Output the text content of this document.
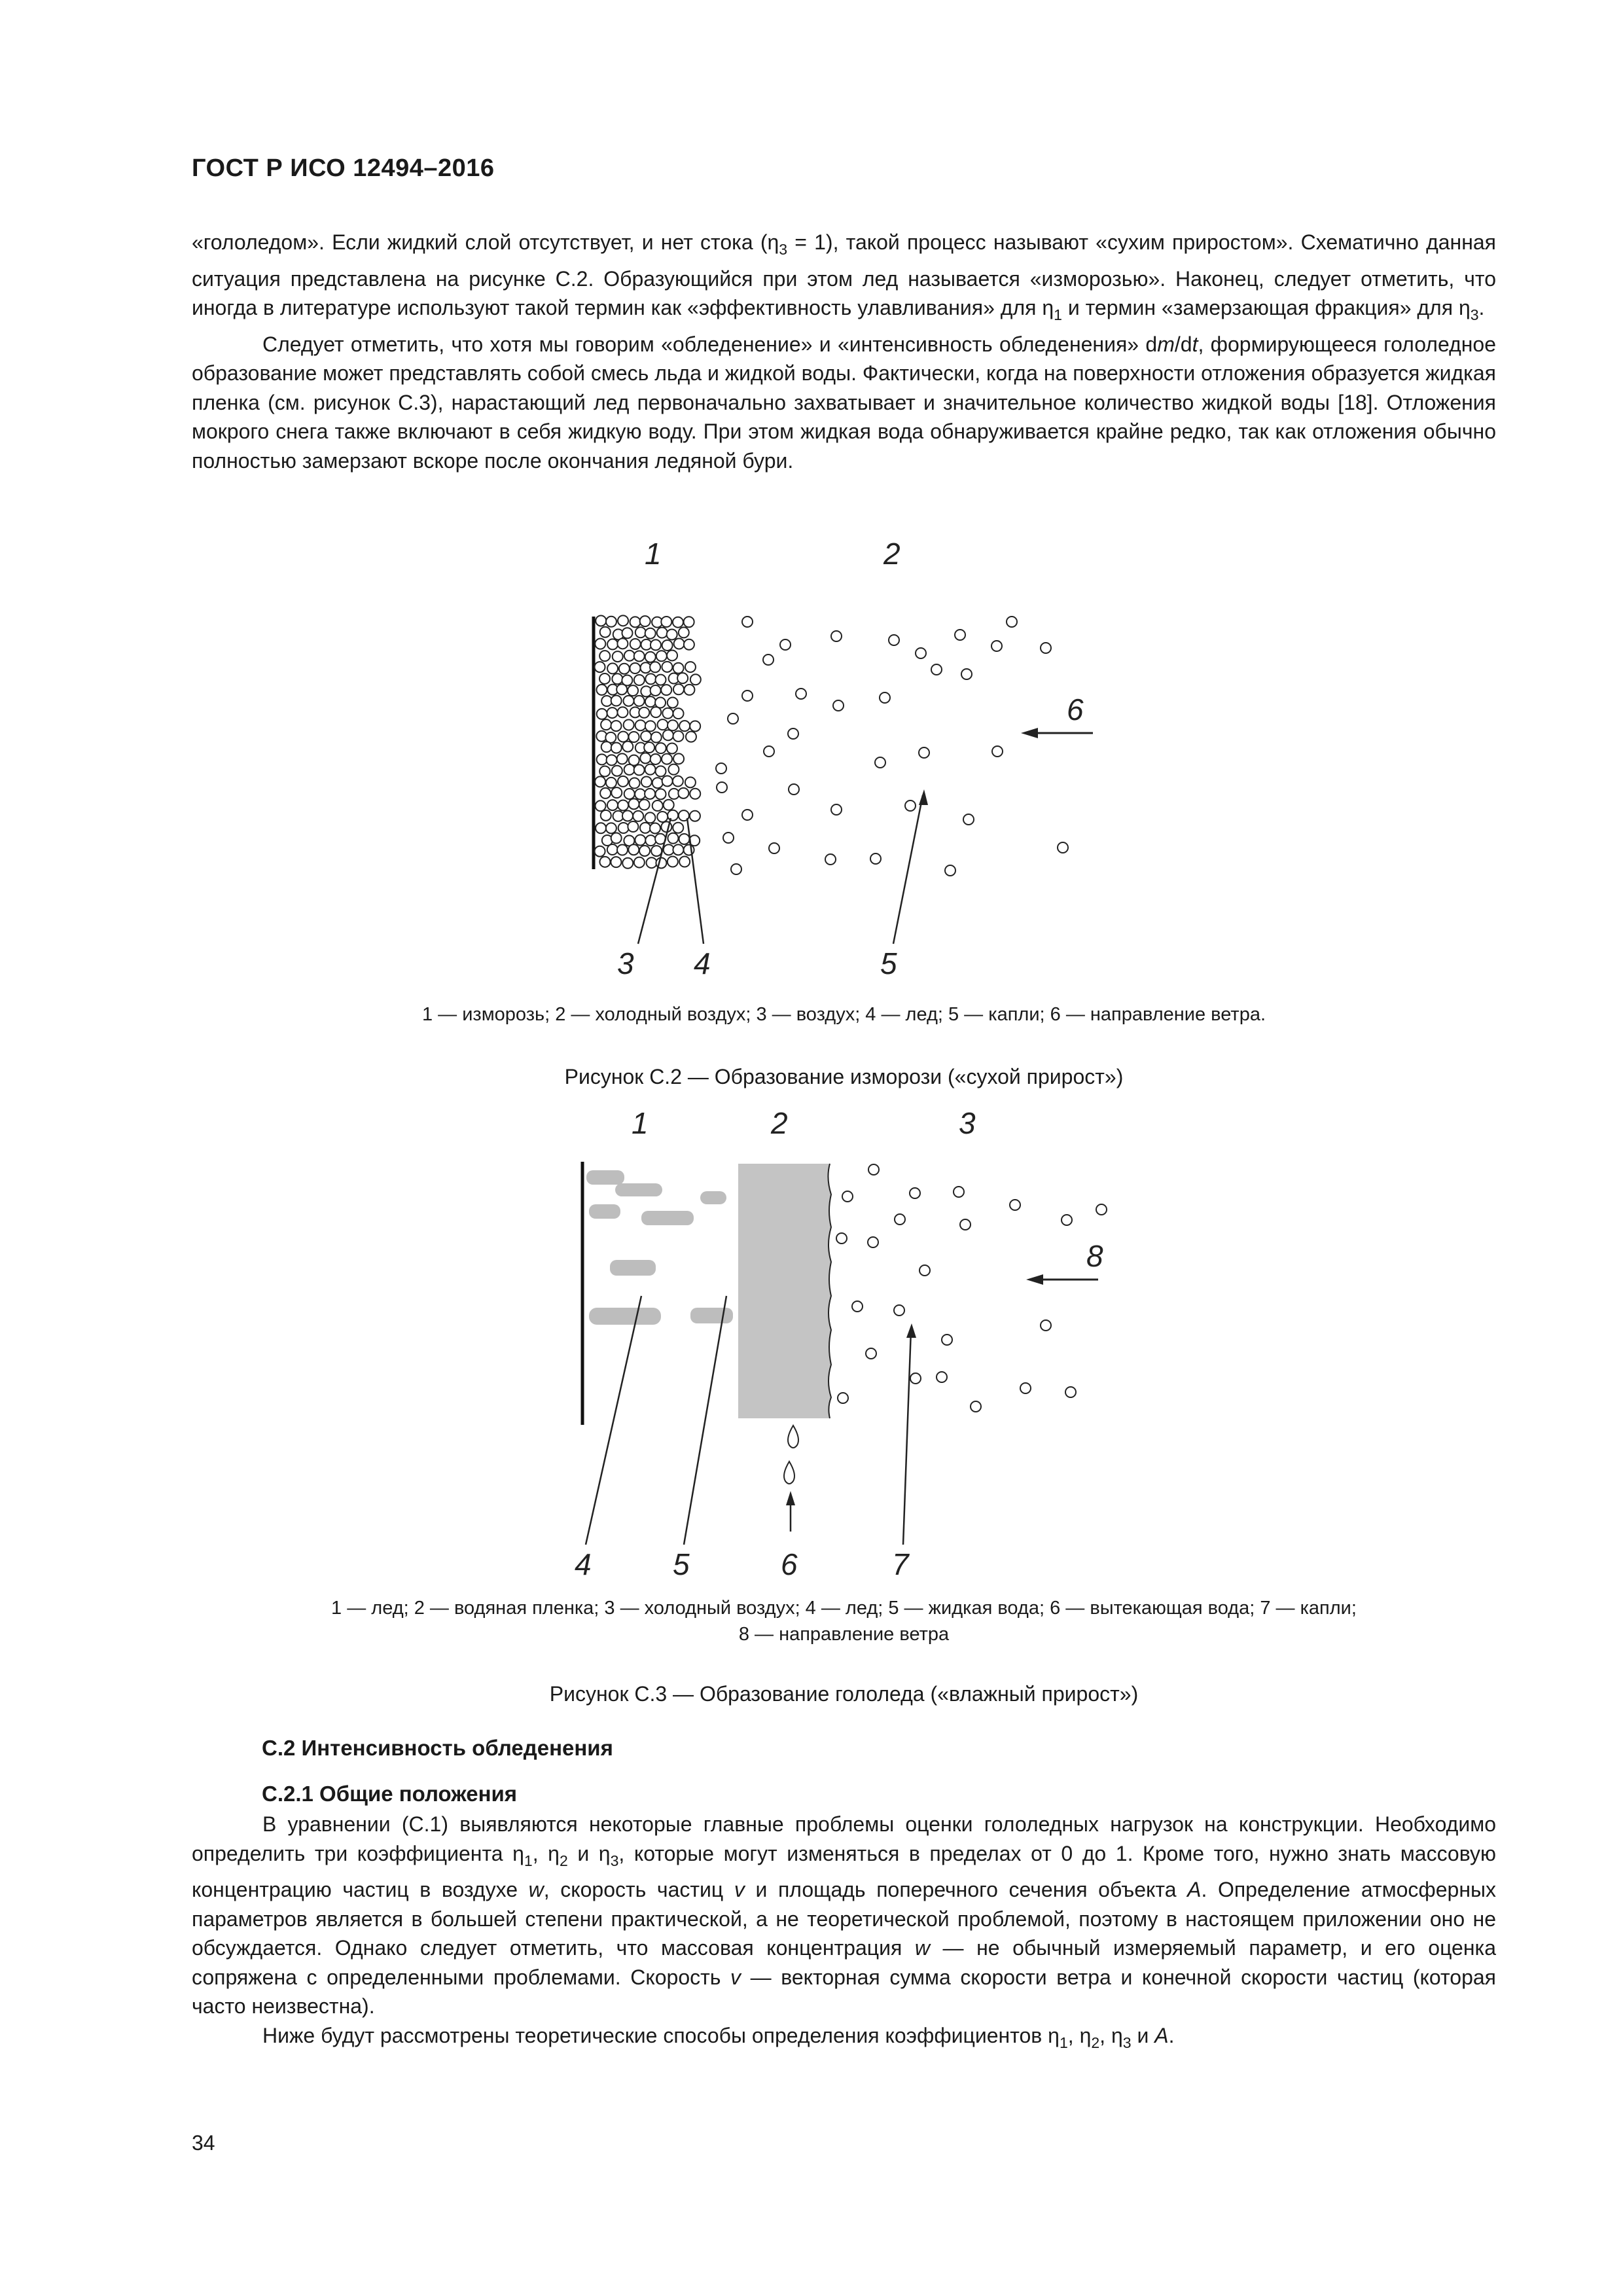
ГОСТ Р ИСО 12494–2016

«гололедом». Если жидкий слой отсутствует, и нет стока $(\eta_3 = 1)$, такой процесс называют «сухим приростом». Схематично данная ситуация представлена на рисунке С.2. Образующийся при этом лед называется «изморозью». Наконец, следует отметить, что иногда в литературе используют такой термин как «эффективность улавливания» для $\eta_1$ и термин «замерзающая фракция» для $\eta_3$.

Следует отметить, что хотя мы говорим «обледенение» и «интенсивность обледенения» dm/dt, формирующееся гололедное образование может представлять собой смесь льда и жидкой воды. Фактически, когда на поверхности отложения образуется жидкая пленка (см. рисунок С.3), нарастающий лед первоначально захватывает и значительное количество жидкой воды [18]. Отложения мокрого снега также включают в себя жидкую воду. При этом жидкая вода обнаруживается крайне редко, так как отложения обычно полностью замерзают вскоре после окончания ледяной бури.

1	2
6
3 4	5
1 — изморозь; 2 — холодный воздух; 3 — воздух; 4 — лед; 5 — капли; 6 — направление ветра.
Рисунок С.2 — Образование изморози («сухой прирост»)
1	2	3
8
4	5	6	7
1 — лед; 2 — водяная пленка; 3 — холодный воздух; 4 — лед; 5 — жидкая вода; 6 — вытекающая вода; 7 — капли;
8 — направление ветра
Рисунок С.3 — Образование гололеда («влажный прирост»)
С.2 Интенсивность обледенения
С.2.1 Общие положения

В уравнении (С.1) выявляются некоторые главные проблемы оценки гололедных нагрузок на конструкции. Необходимо определить три коэффициента $\eta_1$, $\eta_2$ и $\eta_3$, которые могут изменяться в пределах от 0 до 1. Кроме того, нужно знать массовую концентрацию частиц в воздухе w, скорость частиц v и площадь поперечного сечения объекта A. Определение атмосферных параметров является в большей степени практической, а не теоретической проблемой, поэтому в настоящем приложении оно не обсуждается. Однако следует отметить, что массовая концентрация w — не обычный измеряемый параметр, и его оценка сопряжена с определенными проблемами. Скорость v — векторная сумма скорости ветра и конечной скорости частиц (которая часто неизвестна).

Ниже будут рассмотрены теоретические способы определения коэффициентов $\eta_1$, $\eta_2$, $\eta_3$ и A.

34
